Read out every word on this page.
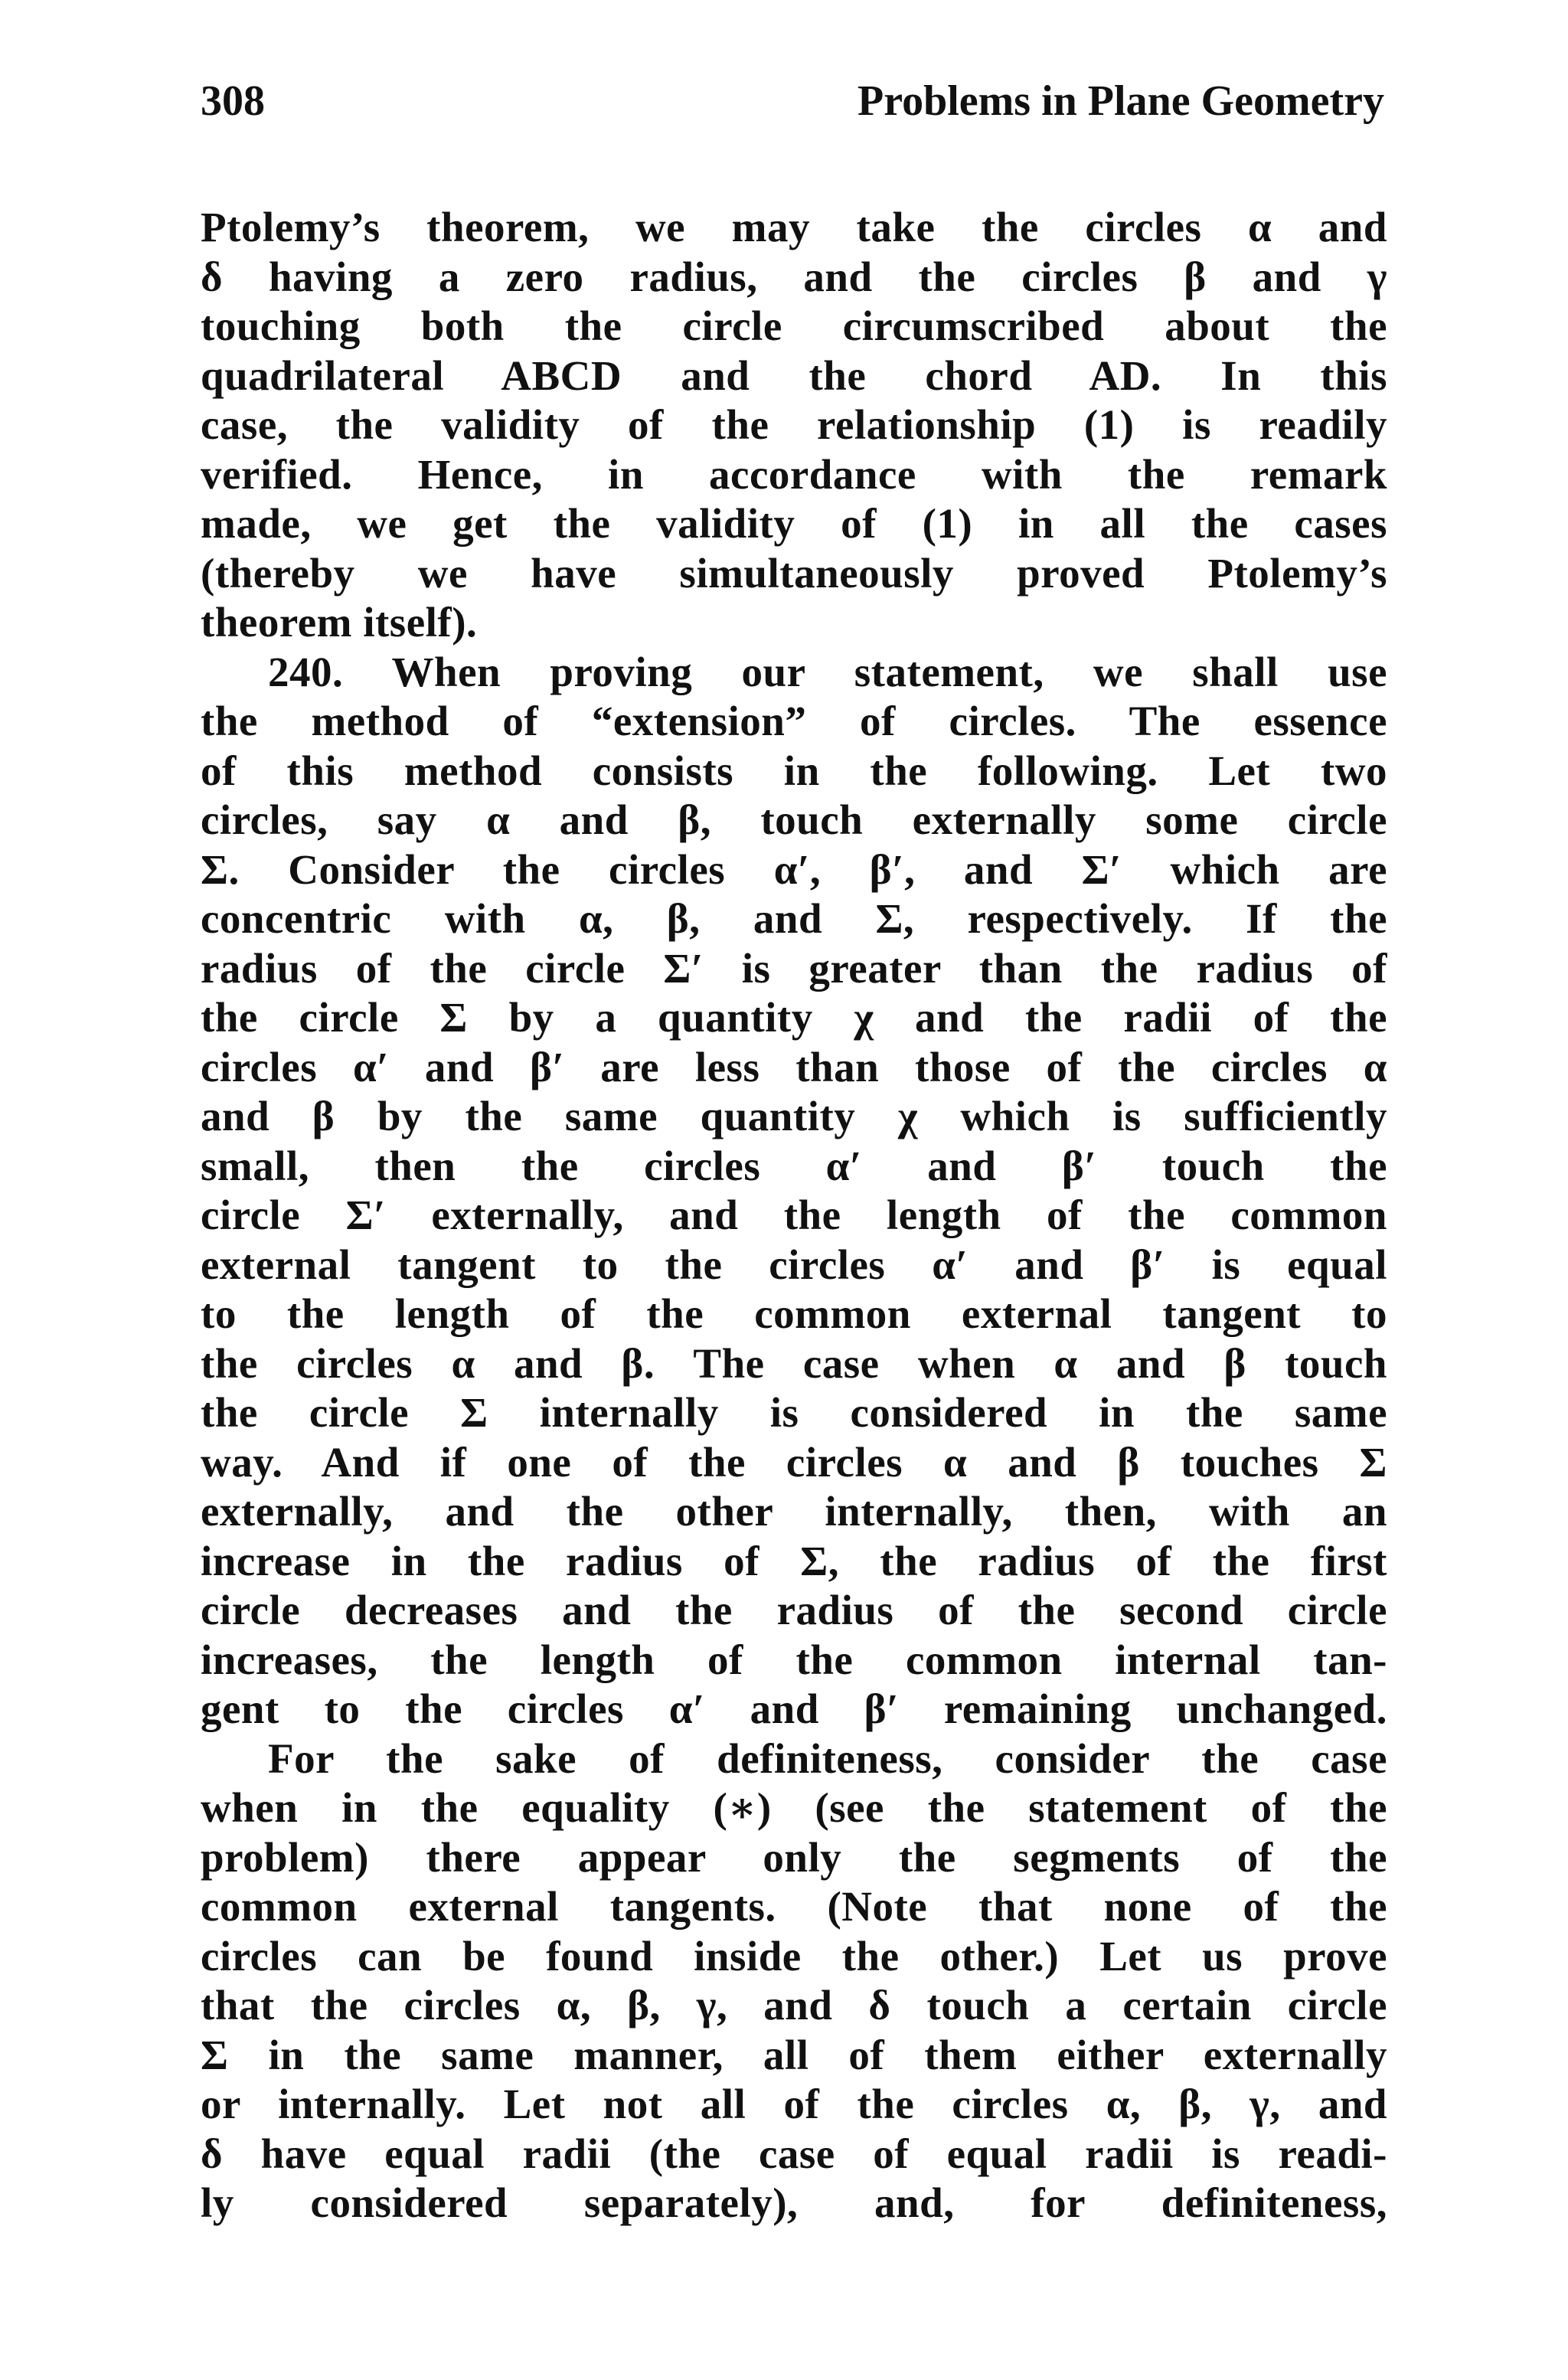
308	Problems in Plane Geometry
Ptolemy’s theorem, we may take the circles α and
δ having a zero radius, and the circles β and γ
touching both the circle circumscribed about the
quadrilateral ABCD and the chord AD. In this
case, the validity of the relationship (1) is readily
verified. Hence, in accordance with the remark
made, we get the validity of (1) in all the cases
(thereby we have simultaneously proved Ptolemy’s
theorem itself).
240. When proving our statement, we shall use
the method of “extension” of circles. The essence
of this method consists in the following. Let two
circles, say α and β, touch externally some circle
Σ. Consider the circles α′, β′, and Σ′ which are
concentric with α, β, and Σ, respectively. If the
radius of the circle Σ′ is greater than the radius of
the circle Σ by a quantity χ and the radii of the
circles α′ and β′ are less than those of the circles α
and β by the same quantity χ which is sufficiently
small, then the circles α′ and β′ touch the
circle Σ′ externally, and the length of the common
external tangent to the circles α′ and β′ is equal
to the length of the common external tangent to
the circles α and β. The case when α and β touch
the circle Σ internally is considered in the same
way. And if one of the circles α and β touches Σ
externally, and the other internally, then, with an
increase in the radius of Σ, the radius of the first
circle decreases and the radius of the second circle
increases, the length of the common internal tan-
gent to the circles α′ and β′ remaining unchanged.
For the sake of definiteness, consider the case
when in the equality (∗) (see the statement of the
problem) there appear only the segments of the
common external tangents. (Note that none of the
circles can be found inside the other.) Let us prove
that the circles α, β, γ, and δ touch a certain circle
Σ in the same manner, all of them either externally
or internally. Let not all of the circles α, β, γ, and
δ have equal radii (the case of equal radii is readi-
ly considered separately), and, for definiteness,
